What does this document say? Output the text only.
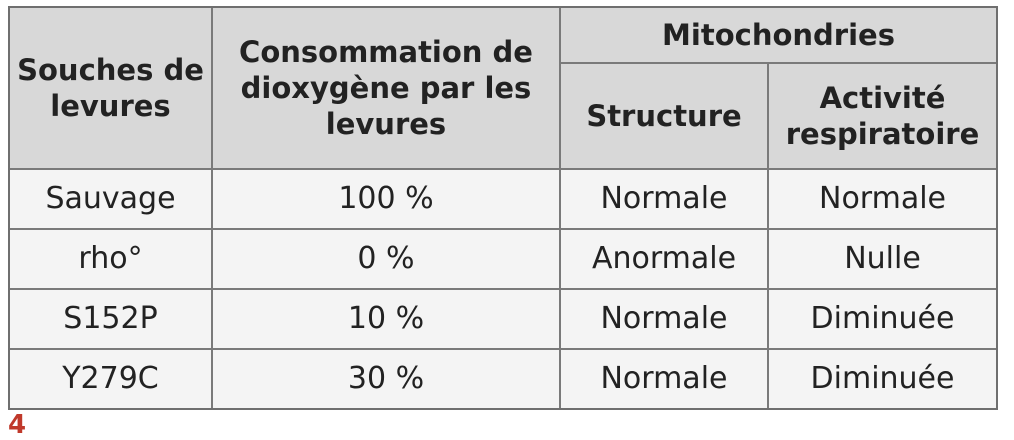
Souches de levures	Consommation de dioxygène par les levures	Mitochondries	
		Structure	Activité respiratoire
Sauvage	100 %	Normale	Normale
rho°	0 %	Anormale	Nulle
S152P	10 %	Normale	Diminuée
Y279C	30 %	Normale	Diminuée
4
